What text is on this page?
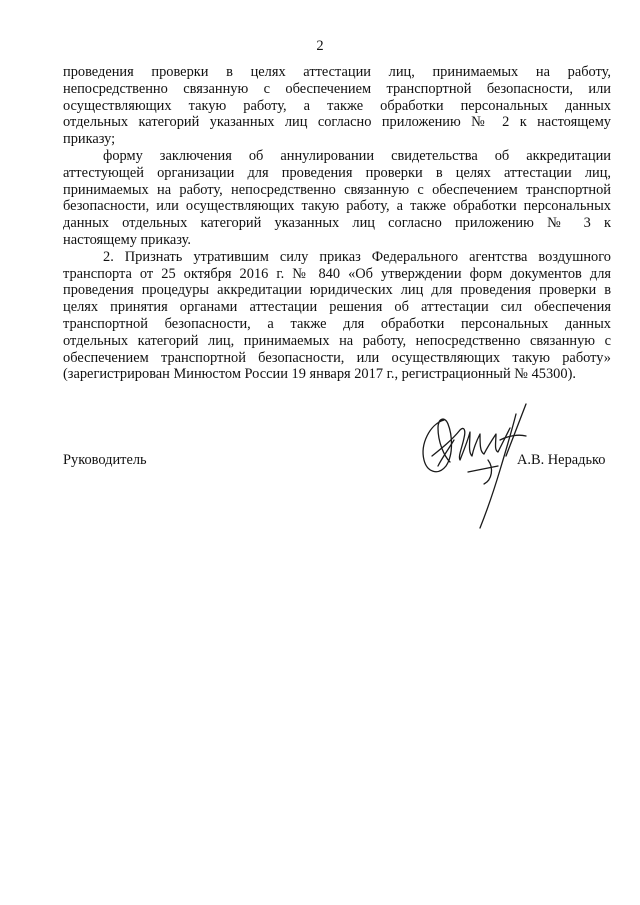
2
проведения проверки в целях аттестации лиц, принимаемых на работу,
непосредственно связанную с обеспечением транспортной безопасности, или
осуществляющих такую работу, а также обработки персональных данных
отдельных категорий указанных лиц согласно приложению № 2 к настоящему
приказу;
форму заключения об аннулировании свидетельства об аккредитации
аттестующей организации для проведения проверки в целях аттестации лиц,
принимаемых на работу, непосредственно связанную с обеспечением транспортной
безопасности, или осуществляющих такую работу, а также обработки персональных
данных отдельных категорий указанных лиц согласно приложению № 3 к
настоящему приказу.
2. Признать утратившим силу приказ Федерального агентства воздушного
транспорта от 25 октября 2016 г. № 840 «Об утверждении форм документов для
проведения процедуры аккредитации юридических лиц для проведения проверки в
целях принятия органами аттестации решения об аттестации сил обеспечения
транспортной безопасности, а также для обработки персональных данных
отдельных категорий лиц, принимаемых на работу, непосредственно связанную с
обеспечением транспортной безопасности, или осуществляющих такую работу»
(зарегистрирован Минюстом России 19 января 2017 г., регистрационный № 45300).
Руководитель	А.В. Нерадько
